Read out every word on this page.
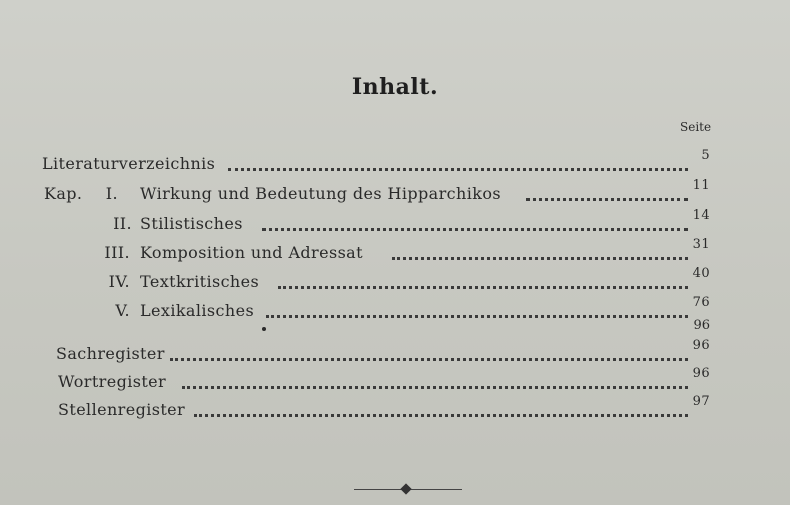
Inhalt.
Seite
Literaturverzeichnis	5
Kap.	I. Wirkung und Bedeutung des Hipparchikos	11
II. Stilistisches	14
III. Komposition und Adressat	31
IV. Textkritisches	40
V. Lexikalisches	76
96
Sachregister	96
Wortregister	96
Stellenregister	97
